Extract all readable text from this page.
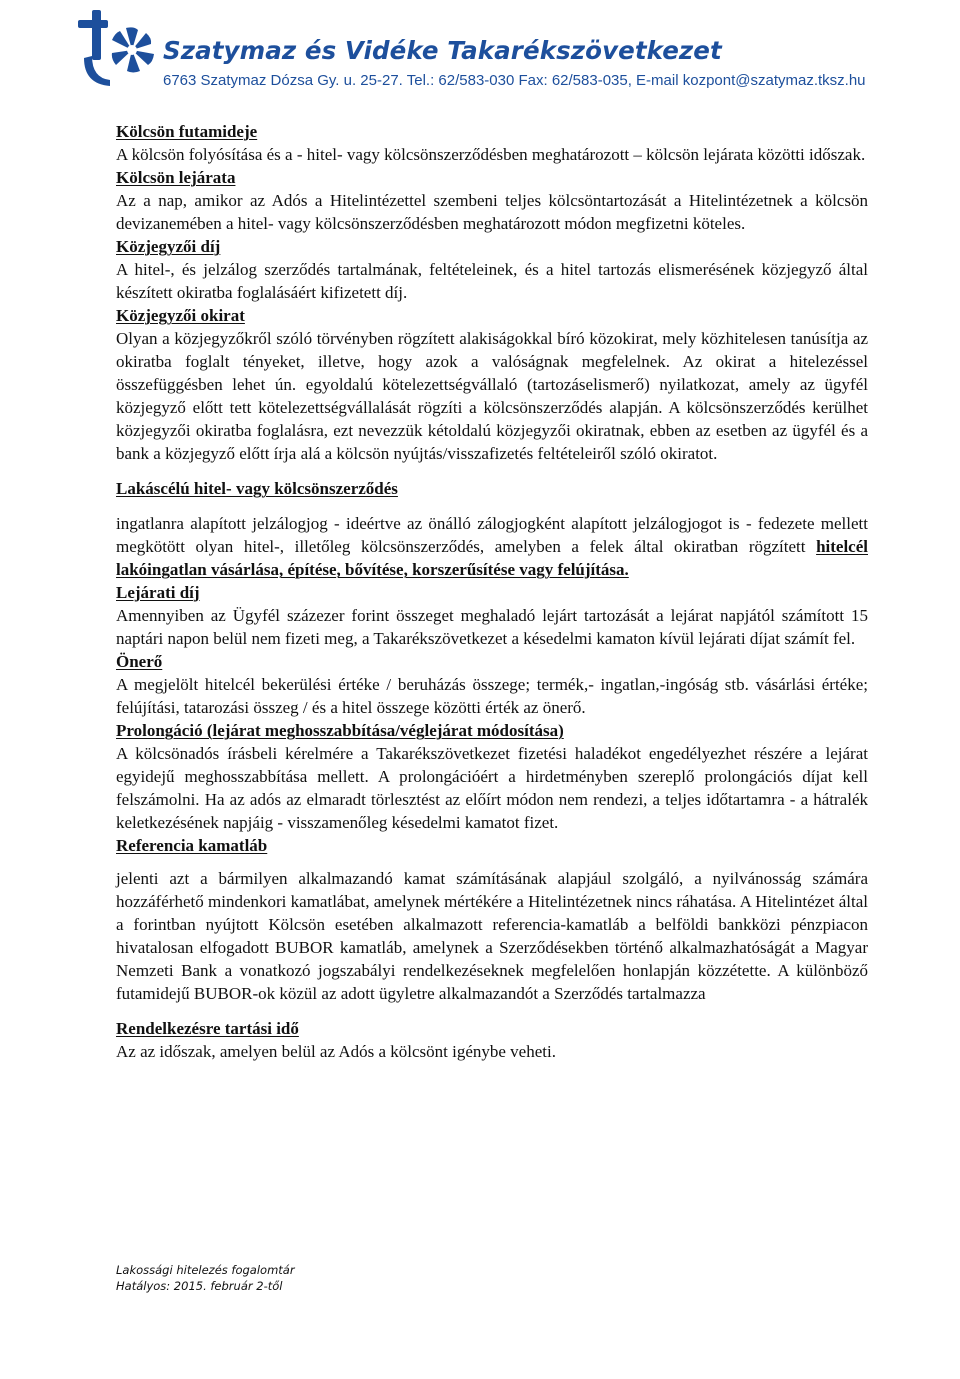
Szatymaz és Vidéke Takarékszövetkezet
6763 Szatymaz Dózsa Gy. u. 25-27. Tel.: 62/583-030 Fax: 62/583-035, E-mail kozpont@szatymaz.tksz.hu

Kölcsön futamideje

A kölcsön folyósítása és a - hitel- vagy kölcsönszerződésben meghatározott – kölcsön lejárata közötti időszak.

Kölcsön lejárata

Az a nap, amikor az Adós a Hitelintézettel szembeni teljes kölcsöntartozását a Hitelintézetnek a kölcsön devizanemében a hitel- vagy kölcsönszerződésben meghatározott módon megfizetni köteles.

Közjegyzői díj

A hitel-, és jelzálog szerződés tartalmának, feltételeinek, és a hitel tartozás elismerésének közjegyző által készített okiratba foglalásáért kifizetett díj.

Közjegyzői okirat

Olyan a közjegyzőkről szóló törvényben rögzített alakiságokkal bíró közokirat, mely közhitelesen tanúsítja az okiratba foglalt tényeket, illetve, hogy azok a valóságnak megfelelnek. Az okirat a hitelezéssel összefüggésben lehet ún. egyoldalú kötelezettségvállaló (tartozáselismerő) nyilatkozat, amely az ügyfél közjegyző előtt tett kötelezettségvállalását rögzíti a kölcsönszerződés alapján. A kölcsönszerződés kerülhet közjegyzői okiratba foglalásra, ezt nevezzük kétoldalú közjegyzői okiratnak, ebben az esetben az ügyfél és a bank a közjegyző előtt írja alá a kölcsön nyújtás/visszafizetés feltételeiről szóló okiratot.

Lakáscélú hitel- vagy kölcsönszerződés

ingatlanra alapított jelzálogjog - ideértve az önálló zálogjogként alapított jelzálogjogot is - fedezete mellett megkötött olyan hitel-, illetőleg kölcsönszerződés, amelyben a felek által okiratban rögzített hitelcél lakóingatlan vásárlása, építése, bővítése, korszerűsítése vagy felújítása.

Lejárati díj

Amennyiben az Ügyfél százezer forint összeget meghaladó lejárt tartozását a lejárat napjától számított 15 naptári napon belül nem fizeti meg, a Takarékszövetkezet a késedelmi kamaton kívül lejárati díjat számít fel.

Önerő

A megjelölt hitelcél bekerülési értéke / beruházás összege; termék,- ingatlan,-ingóság stb. vásárlási értéke; felújítási, tatarozási összeg / és a hitel összege közötti érték az önerő.

Prolongáció (lejárat meghosszabbítása/véglejárat módosítása)

A kölcsönadós írásbeli kérelmére a Takarékszövetkezet fizetési haladékot engedélyezhet részére a lejárat egyidejű meghosszabbítása mellett. A prolongációért a hirdetményben szereplő prolongációs díjat kell felszámolni. Ha az adós az elmaradt törlesztést az előírt módon nem rendezi, a teljes időtartamra - a hátralék keletkezésének napjáig - visszamenőleg késedelmi kamatot fizet.

Referencia kamatláb

jelenti azt a bármilyen alkalmazandó kamat számításának alapjául szolgáló, a nyilvánosság számára hozzáférhető mindenkori kamatlábat, amelynek mértékére a Hitelintézetnek nincs ráhatása. A Hitelintézet által a forintban nyújtott Kölcsön esetében alkalmazott referencia-kamatláb a belföldi bankközi pénzpiacon hivatalosan elfogadott BUBOR kamatláb, amelynek a Szerződésekben történő alkalmazhatóságát a Magyar Nemzeti Bank a vonatkozó jogszabályi rendelkezéseknek megfelelően honlapján közzétette. A különböző futamidejű BUBOR-ok közül az adott ügyletre alkalmazandót a Szerződés tartalmazza

Rendelkezésre tartási idő

Az az időszak, amelyen belül az Adós a kölcsönt igénybe veheti.

Lakossági hitelezés fogalomtár
Hatályos: 2015. február 2-től
